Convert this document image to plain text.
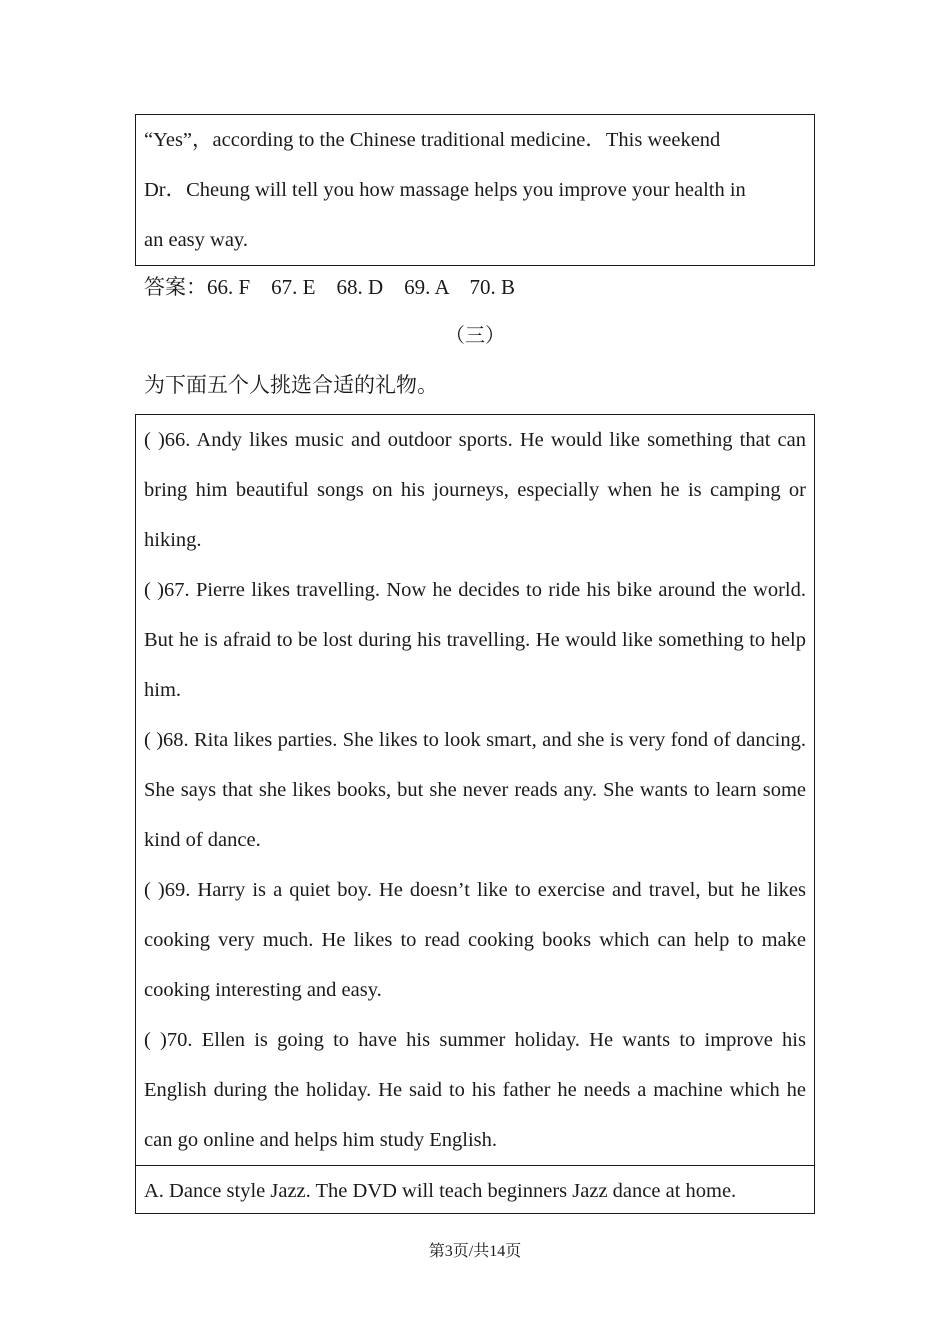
“Yes”，according to the Chinese traditional medicine．This weekend

Dr．Cheung will tell you how massage helps you improve your health in

an easy way.

答案：66. F    67. E    68. D    69. A    70. B
（三）
为下面五个人挑选合适的礼物。

( )66. Andy likes music and outdoor sports. He would like something that can bring him beautiful songs on his journeys, especially when he is camping or hiking.

( )67. Pierre likes travelling. Now he decides to ride his bike around the world. But he is afraid to be lost during his travelling. He would like something to help him.

( )68. Rita likes parties. She likes to look smart, and she is very fond of dancing. She says that she likes books, but she never reads any. She wants to learn some kind of dance.

( )69. Harry is a quiet boy. He doesn’t like to exercise and travel, but he likes cooking very much. He likes to read cooking books which can help to make cooking interesting and easy.

( )70. Ellen is going to have his summer holiday. He wants to improve his English during the holiday. He said to his father he needs a machine which he can go online and helps him study English.

A. Dance style Jazz. The DVD will teach beginners Jazz dance at home.

第3页/共14页
